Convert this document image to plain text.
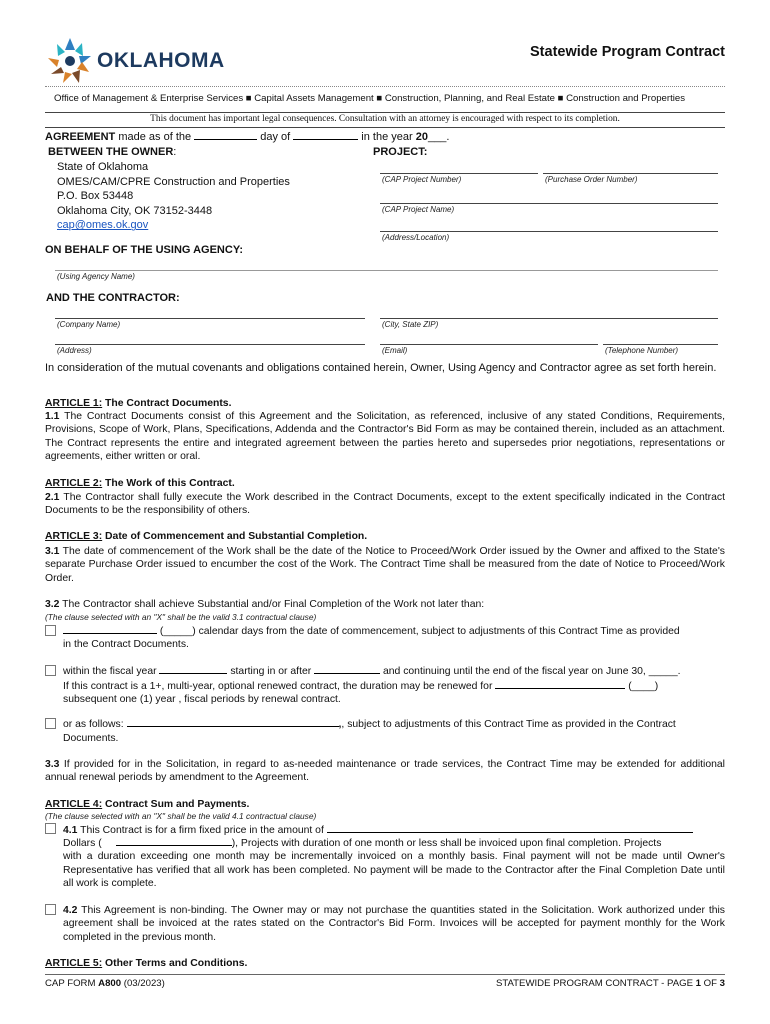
OKLAHOMA	Statewide Program Contract
Office of Management & Enterprise Services ■ Capital Assets Management ■ Construction, Planning, and Real Estate ■ Construction and Properties
This document has important legal consequences. Consultation with an attorney is encouraged with respect to its completion.
AGREEMENT made as of the	day of	in the year 20___.
BETWEEN THE OWNER:
State of Oklahoma
OMES/CAM/CPRE Construction and Properties
P.O. Box 53448
Oklahoma City, OK 73152-3448
cap@omes.ok.gov
PROJECT:
(CAP Project Number)	(Purchase Order Number)
(CAP Project Name)
(Address/Location)
ON BEHALF OF THE USING AGENCY:
(Using Agency Name)
AND THE CONTRACTOR:
(Company Name)	(City, State ZIP)
(Address)	(Email)	(Telephone Number)
In consideration of the mutual covenants and obligations contained herein, Owner, Using Agency and Contractor agree as set forth herein.
ARTICLE 1: The Contract Documents.
1.1 The Contract Documents consist of this Agreement and the Solicitation, as referenced, inclusive of any stated Conditions, Requirements, Provisions, Scope of Work, Plans, Specifications, Addenda and the Contractor's Bid Form as may be contained therein, included as an attachment. The Contract represents the entire and integrated agreement between the parties hereto and supersedes prior negotiations, representations or agreements, either written or oral.
ARTICLE 2: The Work of this Contract.
2.1 The Contractor shall fully execute the Work described in the Contract Documents, except to the extent specifically indicated in the Contract Documents to be the responsibility of others.
ARTICLE 3: Date of Commencement and Substantial Completion.
3.1 The date of commencement of the Work shall be the date of the Notice to Proceed/Work Order issued by the Owner and affixed to the State's separate Purchase Order issued to encumber the cost of the Work. The Contract Time shall be measured from the date of Notice to Proceed/Work Order.
3.2 The Contractor shall achieve Substantial and/or Final Completion of the Work not later than:
(The clause selected with an "X" shall be the valid 3.1 contractual clause)
(_____) calendar days from the date of commencement, subject to adjustments of this Contract Time as provided
in the Contract Documents.
within the fiscal year	starting in or after	and continuing until the end of the fiscal year on June 30, _____.
If this contract is a 1+, multi-year, optional renewed contract, the duration may be renewed for	(____)
subsequent one (1) year , fiscal periods by renewal contract.
or as follows:	,, subject to adjustments of this Contract Time as provided in the Contract
Documents.
3.3 If provided for in the Solicitation, in regard to as-needed maintenance or trade services, the Contract Time may be extended for additional annual renewal periods by amendment to the Agreement.
ARTICLE 4: Contract Sum and Payments.
(The clause selected with an "X" shall be the valid 4.1 contractual clause)
4.1 This Contract is for a firm fixed price in the amount of
Dollars (	), Projects with duration of one month or less shall be invoiced upon final completion. Projects
with a duration exceeding one month may be incrementally invoiced on a monthly basis. Final payment will not be made until Owner's Representative has verified that all work has been completed. No payment will be made to the Contractor after the Final Completion Date until all work is complete.
4.2 This Agreement is non-binding. The Owner may or may not purchase the quantities stated in the Solicitation. Work authorized under this agreement shall be invoiced at the rates stated on the Contractor's Bid Form. Invoices will be accepted for payment monthly for the Work completed in the previous month.
ARTICLE 5: Other Terms and Conditions.
CAP FORM A800 (03/2023)	STATEWIDE PROGRAM CONTRACT - PAGE 1 OF 3
